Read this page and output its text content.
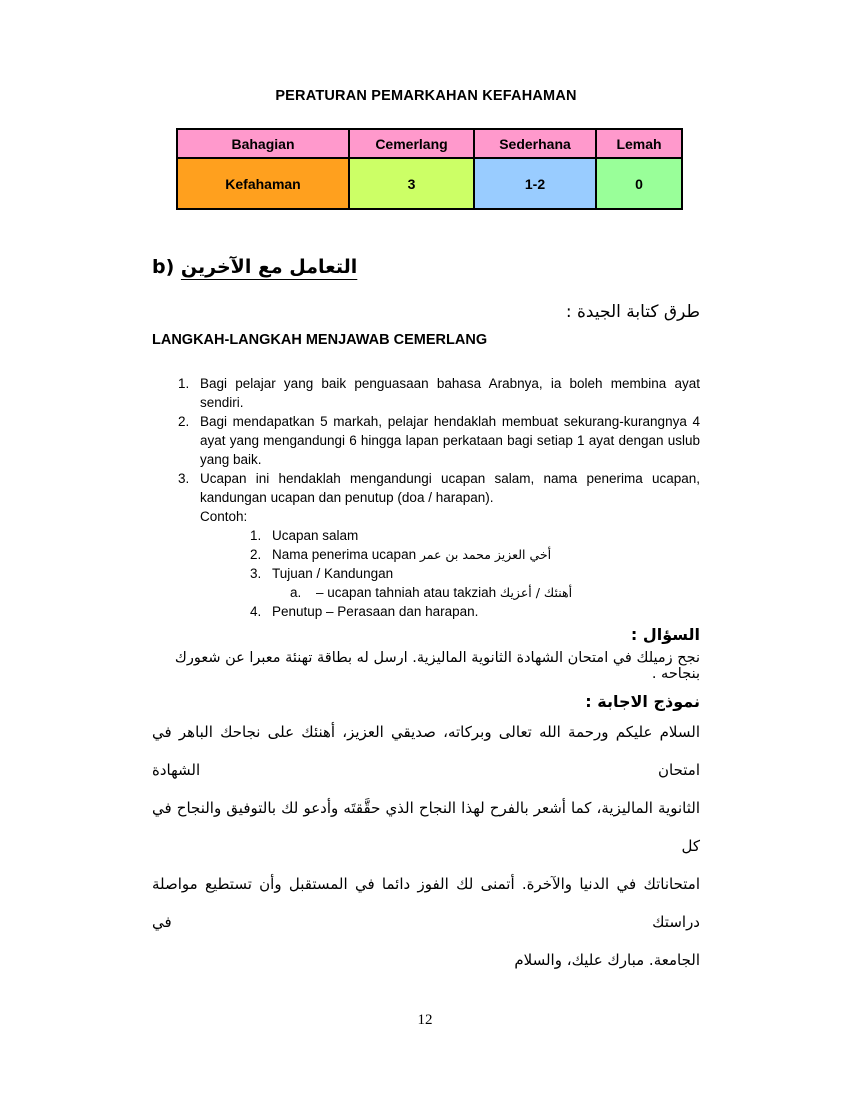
PERATURAN PEMARKAHAN KEFAHAMAN
Bahagian	Cemerlang	Sederhana	Lemah
Kefahaman	3	1-2	0
التعامل مع الآخرين (b
طرق كتابة الجيدة :
LANGKAH-LANGKAH MENJAWAB CEMERLANG
1. Bagi pelajar yang baik penguasaan bahasa Arabnya, ia boleh membina ayat sendiri.
2. Bagi mendapatkan 5 markah, pelajar hendaklah membuat sekurang-kurangnya 4 ayat yang mengandungi 6 hingga lapan perkataan bagi setiap 1 ayat dengan uslub yang baik.
3. Ucapan ini hendaklah mengandungi ucapan salam, nama penerima ucapan, kandungan ucapan dan penutup (doa / harapan).
Contoh:
1. Ucapan salam
2. Nama penerima ucapan أخي العزيز محمد بن عمر
3. Tujuan / Kandungan
a.	– ucapan tahniah atau takziah أهنئك / أعزيك
4. Penutup – Perasaan dan harapan.
السؤال :
نجح زميلك في امتحان الشهادة الثانوية الماليزية. ارسل له بطاقة تهنئة معبرا عن شعورك بنجاحه .
نموذج الاجابة :
السلام عليكم ورحمة الله تعالى وبركاته، صديقي العزيز، أهنئك على نجاحك الباهر في امتحان الشهادة
الثانوية الماليزية، كما أشعر بالفرح لهذا النجاح الذي حقَّقتَه وأدعو لك بالتوفيق والنجاح في كل
امتحاناتك في الدنيا والآخرة. أتمنى لك الفوز دائما في المستقبل وأن تستطيع مواصلة دراستك في
الجامعة. مبارك عليك، والسلام
12
